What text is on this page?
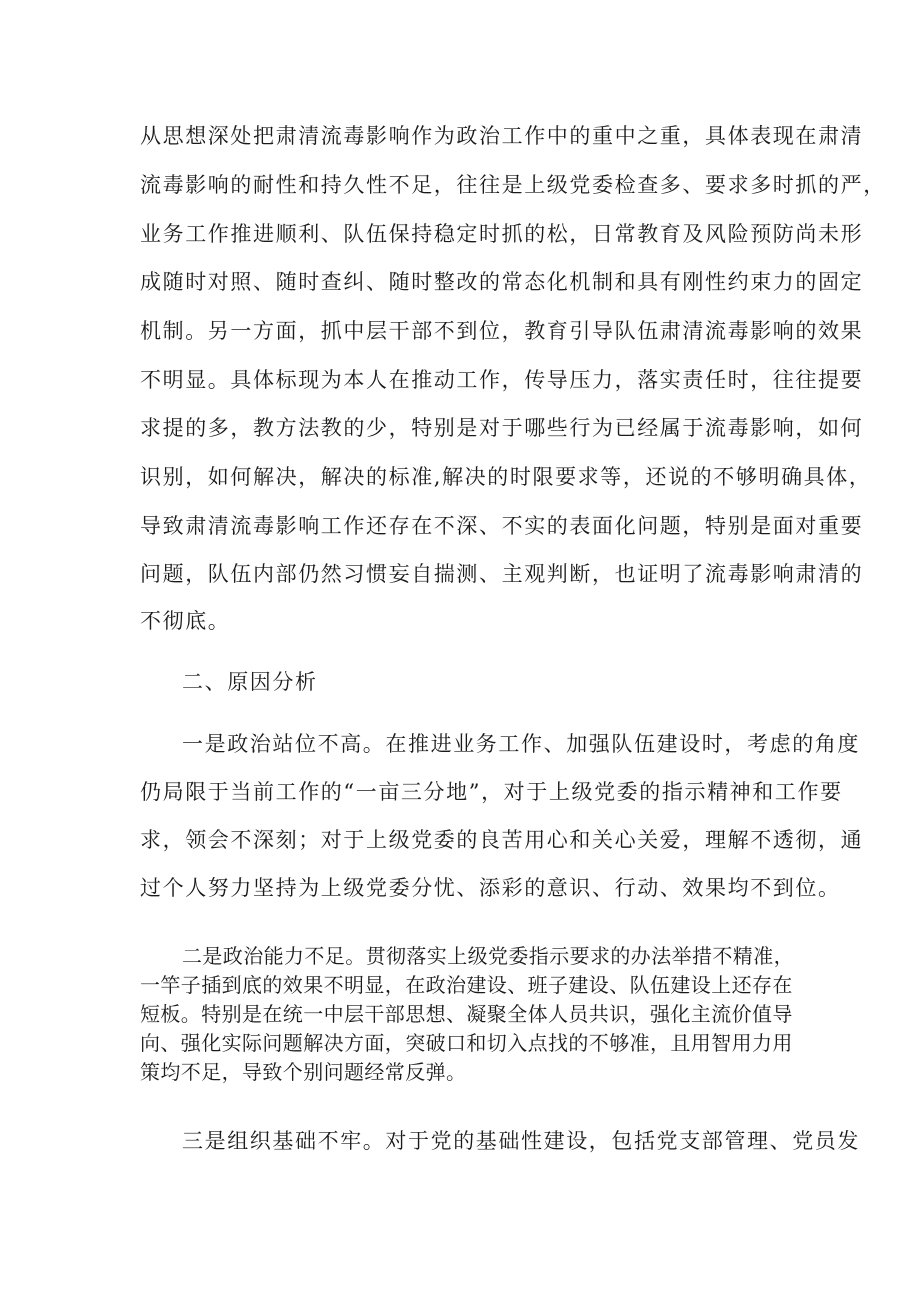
从思想深处把肃清流毒影响作为政治工作中的重中之重，具体表现在肃清

流毒影响的耐性和持久性不足，往往是上级党委检查多、要求多时抓的严，

业务工作推进顺利、队伍保持稳定时抓的松，日常教育及风险预防尚未形

成随时对照、随时查纠、随时整改的常态化机制和具有刚性约束力的固定

机制。另一方面，抓中层干部不到位，教育引导队伍肃清流毒影响的效果

不明显。具体标现为本人在推动工作，传导压力，落实责任时，往往提要

求提的多，教方法教的少，特别是对于哪些行为已经属于流毒影响，如何

识别，如何解决，解决的标准,解决的时限要求等，还说的不够明确具体，

导致肃清流毒影响工作还存在不深、不实的表面化问题，特别是面对重要

问题，队伍内部仍然习惯妄自揣测、主观判断，也证明了流毒影响肃清的

不彻底。

二、原因分析

一是政治站位不高。在推进业务工作、加强队伍建设时，考虑的角度

仍局限于当前工作的“一亩三分地”，对于上级党委的指示精神和工作要

求，领会不深刻；对于上级党委的良苦用心和关心关爱，理解不透彻，通

过个人努力坚持为上级党委分忧、添彩的意识、行动、效果均不到位。

二是政治能力不足。贯彻落实上级党委指示要求的办法举措不精准，

一竿子插到底的效果不明显，在政治建设、班子建设、队伍建设上还存在

短板。特别是在统一中层干部思想、凝聚全体人员共识，强化主流价值导

向、强化实际问题解决方面，突破口和切入点找的不够准，且用智用力用

策均不足，导致个别问题经常反弹。

三是组织基础不牢。对于党的基础性建设，包括党支部管理、党员发
